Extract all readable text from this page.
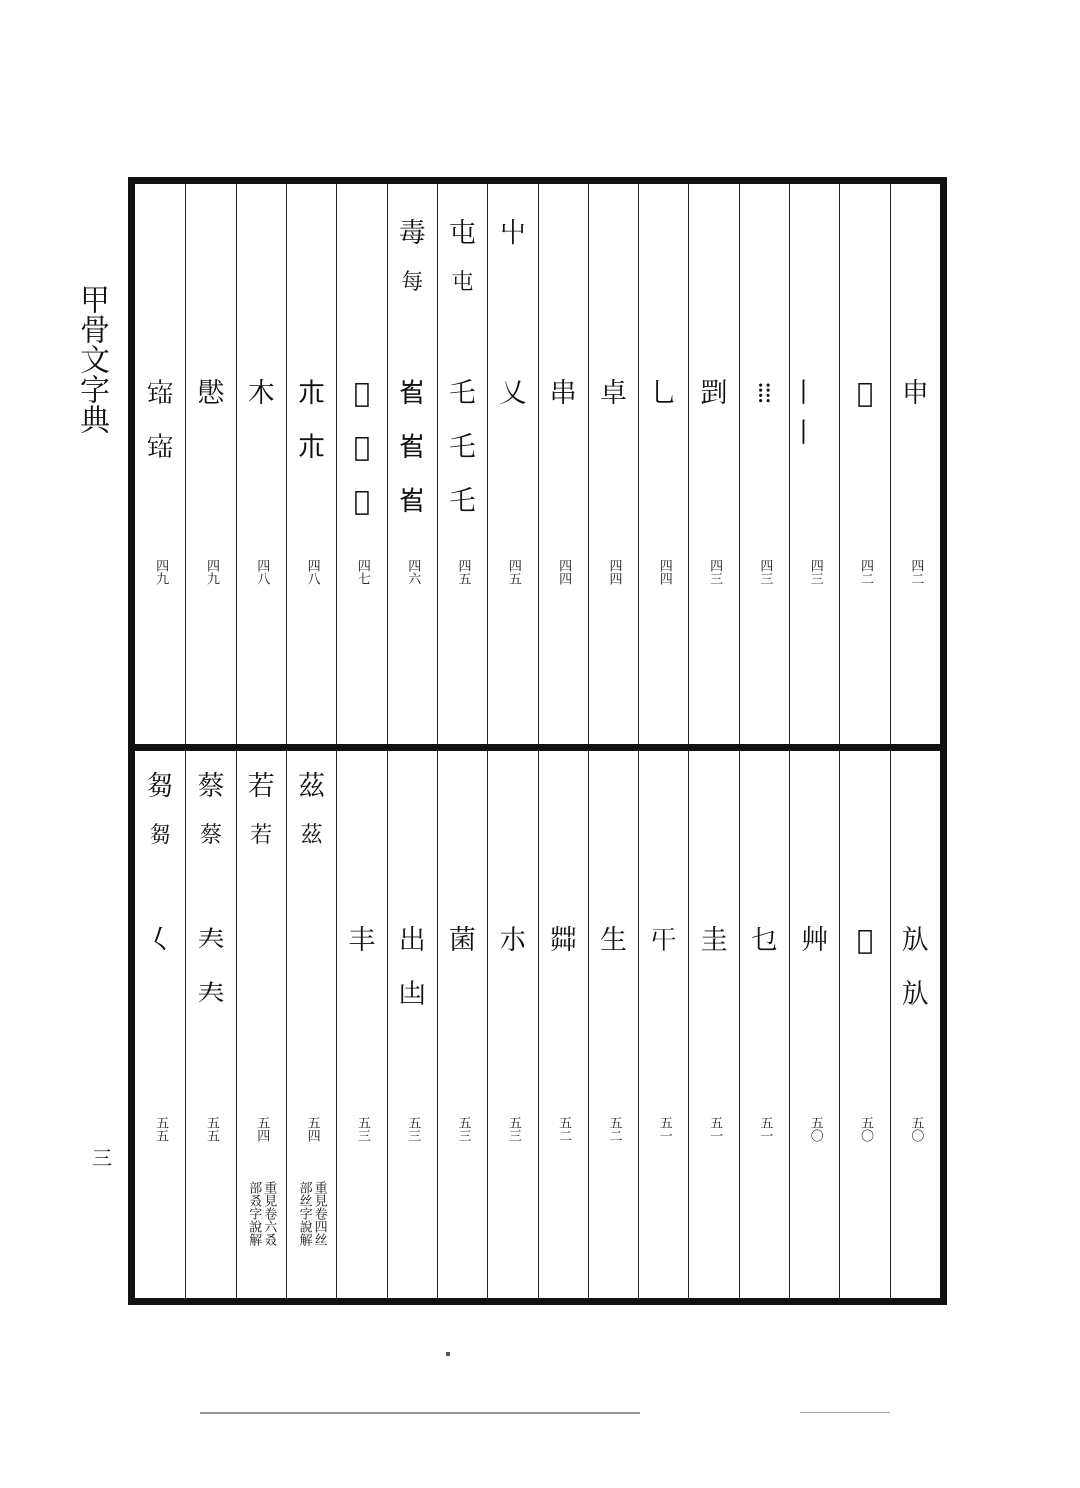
甲骨文字典
三
申
四二
𡆹
四二
丨丨
四三
⁞⁞
四三
㓻
四三
乚
四四
卓
四四
串
四四
屮
乂
四五
屯
屯
乇
乇
乇
四五
毒
每
𡴎
𡴎
𡴎
四六
𡴀
𡴀
𡴀
四七
𣎳
𣎳
四八
木
四八
㦔
四九
𡩧
𡩧
四九
㫃
㫃
五〇
𠀑
五〇
艸
五〇
乜
五一
圭
五一
𡕒
五一
生
五二
茻
五二
朩
五三
菌
五三
出
凷
五三
丰
五三
茲
茲
五四
重見卷四丝
部丝字說解
若
若
五四
重見卷六叒
部叒字說解
蔡
蔡
𡗗
𡗗
五五
芻
芻
𡿨
五五
